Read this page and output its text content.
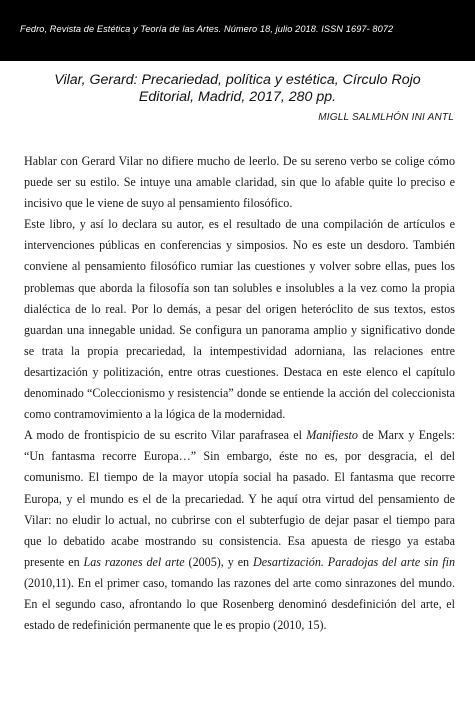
Fedro, Revista de Estética y Teoría de las Artes. Número 18, julio 2018. ISSN 1697- 8072
Vilar, Gerard: Precariedad, política y estética, Círculo Rojo
Editorial, Madrid, 2017, 280 pp.
MIGLL SALMLHÓN INI ANTL

Hablar con Gerard Vilar no difiere mucho de leerlo. De su sereno verbo se colige cómo puede ser su estilo. Se intuye una amable claridad, sin que lo afable quite lo preciso e incisivo que le viene de suyo al pensamiento filosófico.

Este libro, y así lo declara su autor, es el resultado de una compilación de artículos e intervenciones públicas en conferencias y simposios. No es este un desdoro. También conviene al pensamiento filosófico rumiar las cuestiones y volver sobre ellas, pues los problemas que aborda la filosofía son tan solubles e insolubles a la vez como la propia dialéctica de lo real. Por lo demás, a pesar del origen heteróclito de sus textos, estos guardan una innegable unidad. Se configura un panorama amplio y significativo donde se trata la propia precariedad, la intempestividad adorniana, las relaciones entre desartización y politización, entre otras cuestiones. Destaca en este elenco el capítulo denominado “Coleccionismo y resistencia” donde se entiende la acción del coleccionista como contramovimiento a la lógica de la modernidad.

A modo de frontispicio de su escrito Vilar parafrasea el Manifiesto de Marx y Engels: “Un fantasma recorre Europa…” Sin embargo, éste no es, por desgracia, el del comunismo. El tiempo de la mayor utopía social ha pasado. El fantasma que recorre Europa, y el mundo es el de la precariedad. Y he aquí otra virtud del pensamiento de Vilar: no eludir lo actual, no cubrirse con el subterfugio de dejar pasar el tiempo para que lo debatido acabe mostrando su consistencia. Esa apuesta de riesgo ya estaba presente en Las razones del arte (2005), y en Desartización. Paradojas del arte sin fin (2010,11). En el primer caso, tomando las razones del arte como sinrazones del mundo. En el segundo caso, afrontando lo que Rosenberg denominó desdefinición del arte, el estado de redefinición permanente que le es propio (2010, 15).
